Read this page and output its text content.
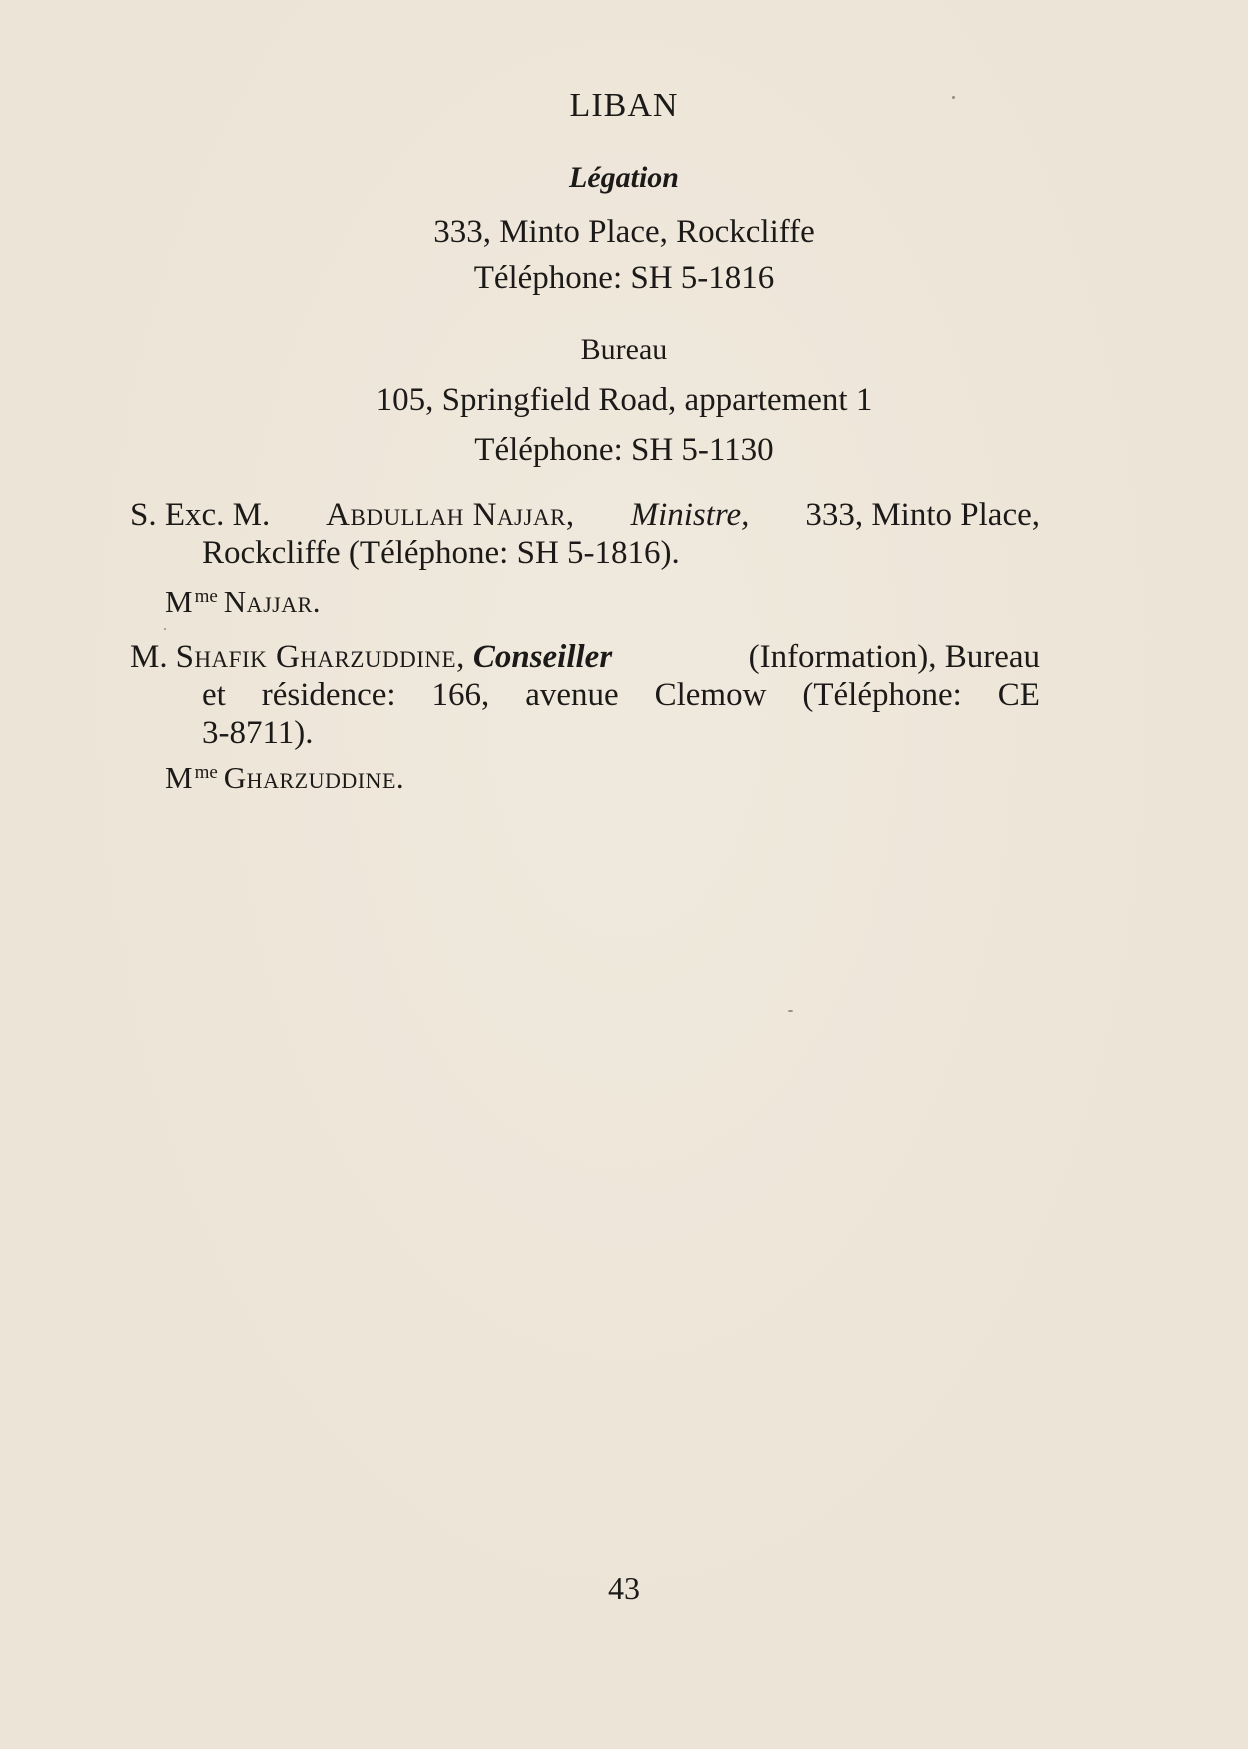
LIBAN
Légation
333, Minto Place, Rockcliffe
Téléphone: SH 5-1816
Bureau
105, Springfield Road, appartement 1
Téléphone: SH 5-1130
S. Exc. M. Abdullah Najjar, Ministre, 333, Minto Place,
Rockcliffe (Téléphone: SH 5-1816).
M $^{me}$ Najjar.
M. Shafik Gharzuddine, Conseiller	(Information), Bureau
et résidence: 166, avenue Clemow (Téléphone: CE
3-8711).
M $^{me}$ Gharzuddine.
43
